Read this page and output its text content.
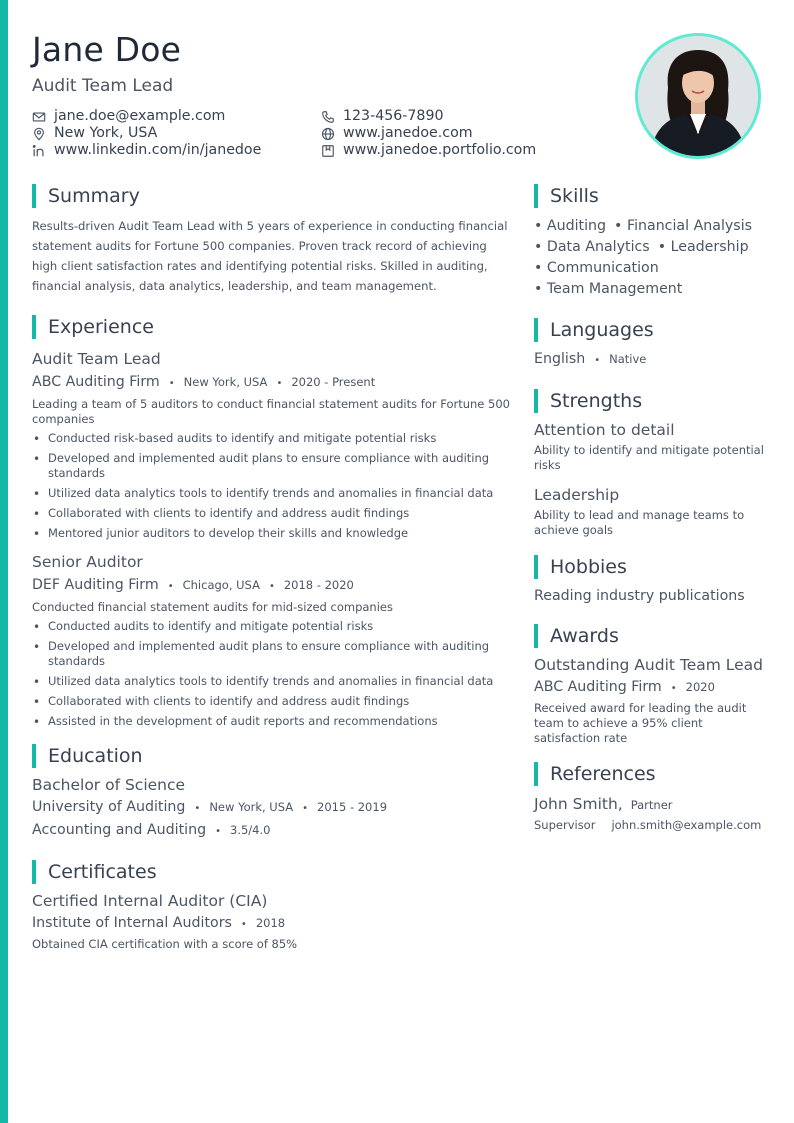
Jane Doe
Audit Team Lead
jane.doe@example.com	123-456-7890
New York, USA	www.janedoe.com
www.linkedin.com/in/janedoe	www.janedoe.portfolio.com
Summary
Results-driven Audit Team Lead with 5 years of experience in conducting financial statement audits for Fortune 500 companies. Proven track record of achieving high client satisfaction rates and identifying potential risks. Skilled in auditing, financial analysis, data analytics, leadership, and team management.
Experience
Audit Team Lead
ABC Auditing Firm • New York, USA • 2020 - Present
Leading a team of 5 auditors to conduct financial statement audits for Fortune 500 companies
• Conducted risk-based audits to identify and mitigate potential risks
• Developed and implemented audit plans to ensure compliance with auditing standards
• Utilized data analytics tools to identify trends and anomalies in financial data
• Collaborated with clients to identify and address audit findings
• Mentored junior auditors to develop their skills and knowledge
Senior Auditor
DEF Auditing Firm • Chicago, USA • 2018 - 2020
Conducted financial statement audits for mid-sized companies
• Conducted audits to identify and mitigate potential risks
• Developed and implemented audit plans to ensure compliance with auditing standards
• Utilized data analytics tools to identify trends and anomalies in financial data
• Collaborated with clients to identify and address audit findings
• Assisted in the development of audit reports and recommendations
Education
Bachelor of Science
University of Auditing • New York, USA • 2015 - 2019
Accounting and Auditing • 3.5/4.0
Certificates
Certified Internal Auditor (CIA)
Institute of Internal Auditors • 2018
Obtained CIA certification with a score of 85%
Skills
• Auditing • Financial Analysis
• Data Analytics • Leadership
• Communication
• Team Management
Languages
English • Native
Strengths
Attention to detail
Ability to identify and mitigate potential risks
Leadership
Ability to lead and manage teams to achieve goals
Hobbies
Reading industry publications
Awards
Outstanding Audit Team Lead
ABC Auditing Firm • 2020
Received award for leading the audit team to achieve a 95% client satisfaction rate
References
John Smith, Partner
Supervisor john.smith@example.com
